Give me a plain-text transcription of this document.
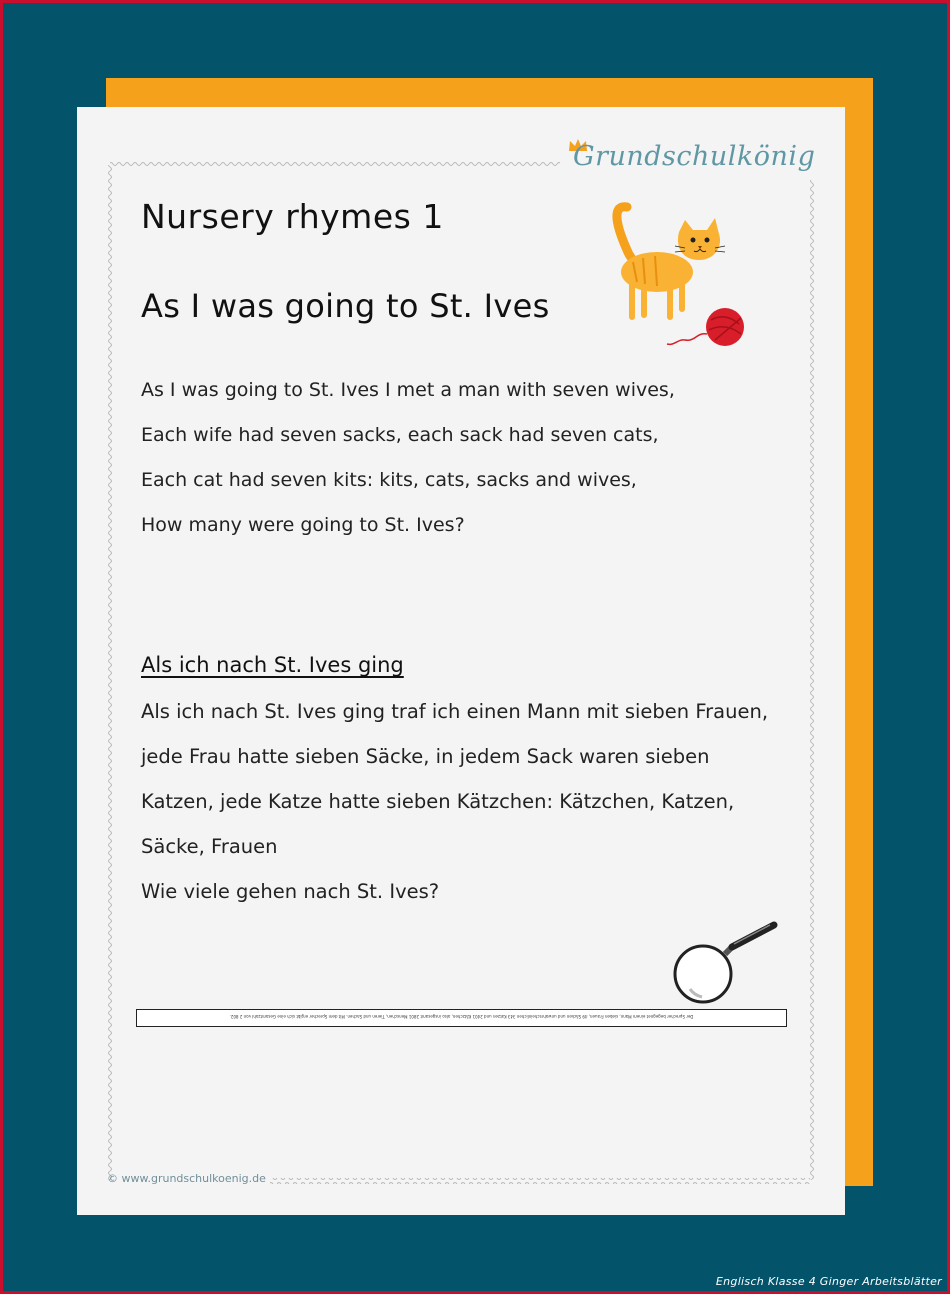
Grundschulkönig
Nursery rhymes 1
As I was going to St. Ives
As I was going to St. Ives I met a man with seven wives,
Each wife had seven sacks, each sack had seven cats,
Each cat had seven kits: kits, cats, sacks and wives,
How many were going to St. Ives?
Als ich nach St. Ives ging
Als ich nach St. Ives ging traf ich einen Mann mit sieben Frauen,
jede Frau hatte sieben Säcke, in jedem Sack waren sieben
Katzen, jede Katze hatte sieben Kätzchen: Kätzchen, Katzen,
Säcke, Frauen
Wie viele gehen nach St. Ives?
Der Sprecher begegnet einem Mann, sieben Frauen, 49 Säcken und unwahrscheinlichen 343 Katzen und 2401 Kätzchen, also insgesamt 2801 Menschen, Tieren und Sachen. Mit dem Sprecher ergibt sich eine Gesamtzahl von 2 802.
© www.grundschulkoenig.de
Englisch Klasse 4 Ginger Arbeitsblätter
